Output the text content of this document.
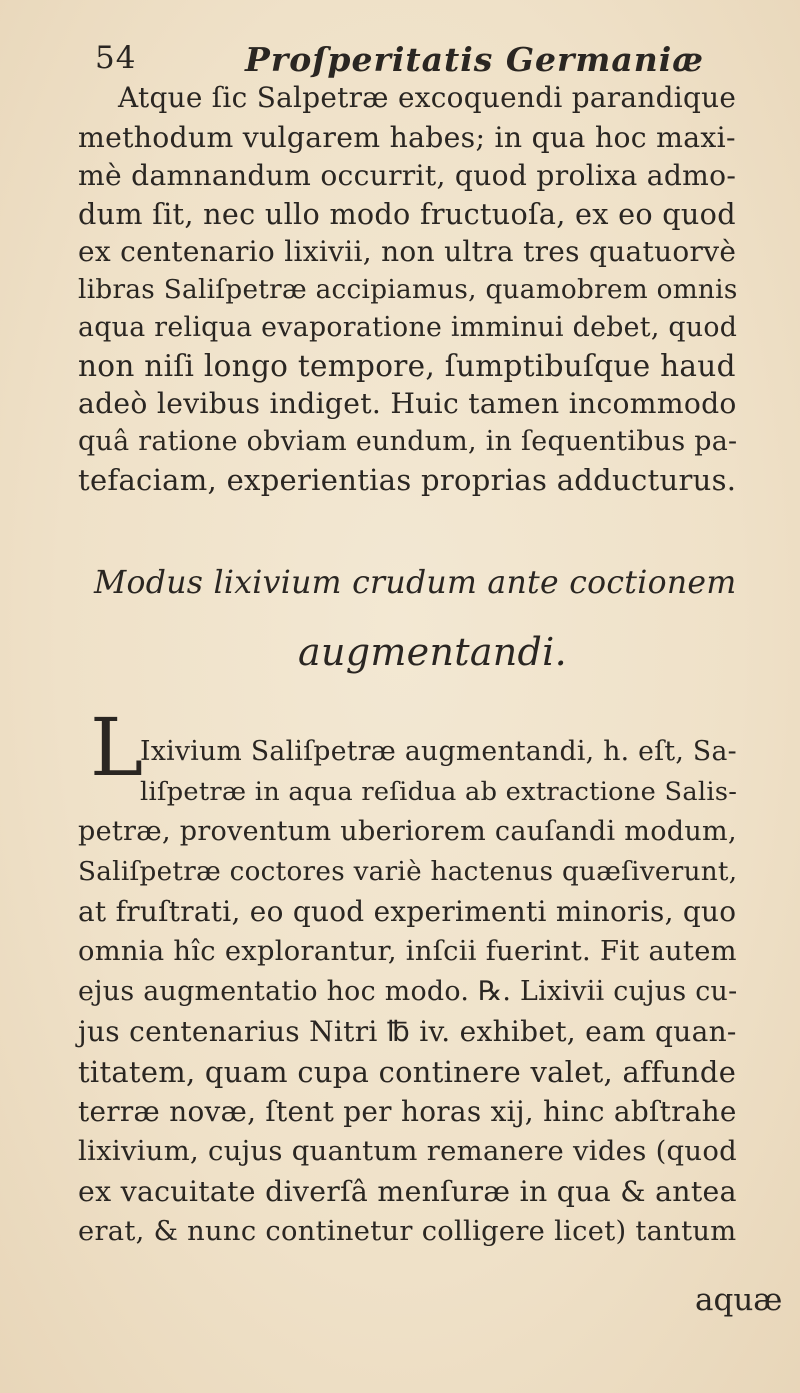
54	Proſperitatis Germaniæ
Atque ſic Salpetræ excoquendi parandique
methodum vulgarem habes; in qua hoc maxi-
mè damnandum occurrit, quod prolixa admo-
dum ſit, nec ullo modo fructuoſa, ex eo quod
ex centenario lixivii, non ultra tres quatuorvè
libras Saliſpetræ accipiamus, quamobrem omnis
aqua reliqua evaporatione imminui debet, quod
non niſi longo tempore, ſumptibuſque haud
adeò levibus indiget. Huic tamen incommodo
quâ ratione obviam eundum, in ſequentibus pa-
tefaciam, experientias proprias adducturus.
Modus lixivium crudum ante coctionem
augmentandi.
L
Ixivium Saliſpetræ augmentandi, h. eſt, Sa-
liſpetræ in aqua reſidua ab extractione Salis-
petræ, proventum uberiorem cauſandi modum,
Saliſpetræ coctores variè hactenus quæſiverunt,
at fruſtrati, eo quod experimenti minoris, quo
omnia hîc explorantur, inſcii fuerint. Fit autem
ejus augmentatio hoc modo. ℞. Lixivii cujus cu-
jus centenarius Nitri ℔ iv. exhibet, eam quan-
titatem, quam cupa continere valet, affunde
terræ novæ, ſtent per horas xij, hinc abſtrahe
lixivium, cujus quantum remanere vides (quod
ex vacuitate diverſâ menſuræ in qua & antea
erat, & nunc continetur colligere licet) tantum
aquæ
